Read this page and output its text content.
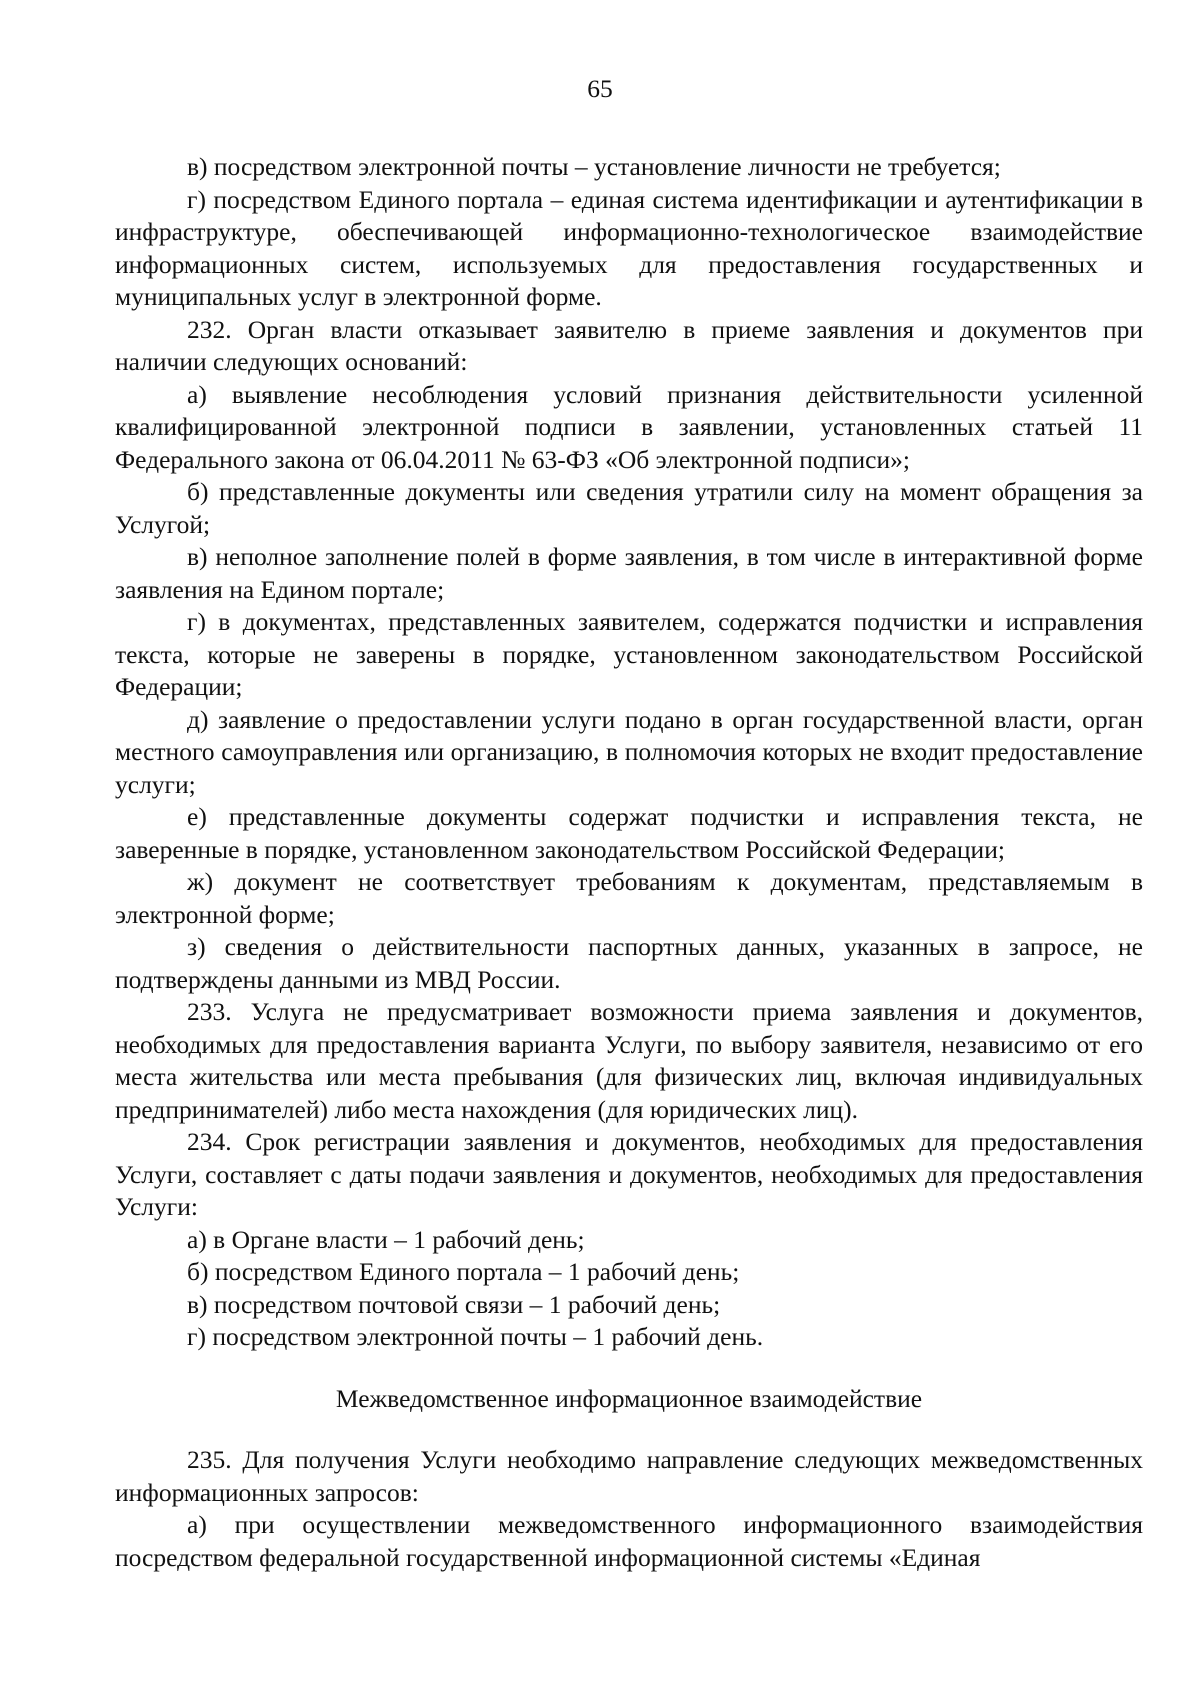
65

в) посредством электронной почты – установление личности не требуется;

г) посредством Единого портала – единая система идентификации и аутентификации в инфраструктуре, обеспечивающей информационно-технологическое взаимодействие информационных систем, используемых для предоставления государственных и муниципальных услуг в электронной форме.

232. Орган власти отказывает заявителю в приеме заявления и документов при наличии следующих оснований:

а) выявление несоблюдения условий признания действительности усиленной квалифицированной электронной подписи в заявлении, установленных статьей 11 Федерального закона от 06.04.2011 № 63-ФЗ «Об электронной подписи»;

б) представленные документы или сведения утратили силу на момент обращения за Услугой;

в) неполное заполнение полей в форме заявления, в том числе в интерактивной форме заявления на Едином портале;

г) в документах, представленных заявителем, содержатся подчистки и исправления текста, которые не заверены в порядке, установленном законодательством Российской Федерации;

д) заявление о предоставлении услуги подано в орган государственной власти, орган местного самоуправления или организацию, в полномочия которых не входит предоставление услуги;

е) представленные документы содержат подчистки и исправления текста, не заверенные в порядке, установленном законодательством Российской Федерации;

ж) документ не соответствует требованиям к документам, представляемым в электронной форме;

з) сведения о действительности паспортных данных, указанных в запросе, не подтверждены данными из МВД России.

233. Услуга не предусматривает возможности приема заявления и документов, необходимых для предоставления варианта Услуги, по выбору заявителя, независимо от его места жительства или места пребывания (для физических лиц, включая индивидуальных предпринимателей) либо места нахождения (для юридических лиц).

234. Срок регистрации заявления и документов, необходимых для предоставления Услуги, составляет с даты подачи заявления и документов, необходимых для предоставления Услуги:

а) в Органе власти – 1 рабочий день;

б) посредством Единого портала – 1 рабочий день;

в) посредством почтовой связи – 1 рабочий день;

г) посредством электронной почты – 1 рабочий день.

Межведомственное информационное взаимодействие

235. Для получения Услуги необходимо направление следующих межведомственных информационных запросов:

а) при осуществлении межведомственного информационного взаимодействия посредством федеральной государственной информационной системы «Единая
